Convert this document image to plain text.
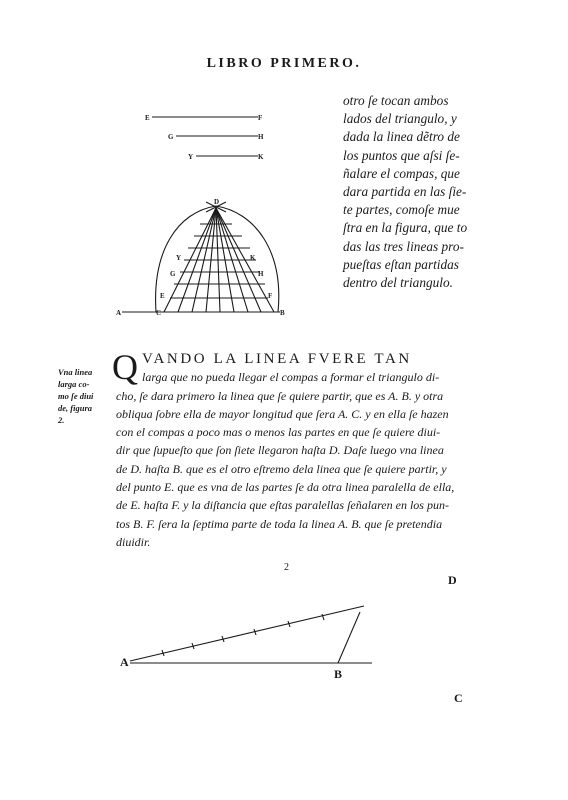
LIBRO PRIMERO.
E	F
G	H
Y	K
D
Y	K
G	H
E	F
A	C	B
otro ſe tocan ambos
lados del triangulo, y
dada la linea dẽtro de
los puntos que aſsi ſe-
ñalare el compas, que
dara partida en las ſie-
te partes, comoſe mue
ſtra en la figura, que to
das las tres lineas pro-
pueſtas eſtan partidas
dentro del triangulo.
Vna linea
larga co-
mo ſe diui
de, figura
2.
Q VANDO LA LINEA FVERE TAN
larga que no pueda llegar el compas a formar el triangulo di-
cho, ſe dara primero la linea que ſe quiere partir, que es A. B. y otra
obliqua ſobre ella de mayor longitud que ſera A. C. y en ella ſe hazen
con el compas a poco mas o menos las partes en que ſe quiere diui-
dir que ſupueſto que ſon ſiete llegaron haſta D. Daſe luego vna linea
de D. haſta B. que es el otro eſtremo dela linea que ſe quiere partir, y
del punto E. que es vna de las partes ſe da otra linea paralella de ella,
de E. haſta F. y la diſtancia que eſtas paralellas ſeñalaren en los pun-
tos B. F. ſera la ſeptima parte de toda la linea A. B. que ſe pretendia
diuidir.
2
A
B
D
C
